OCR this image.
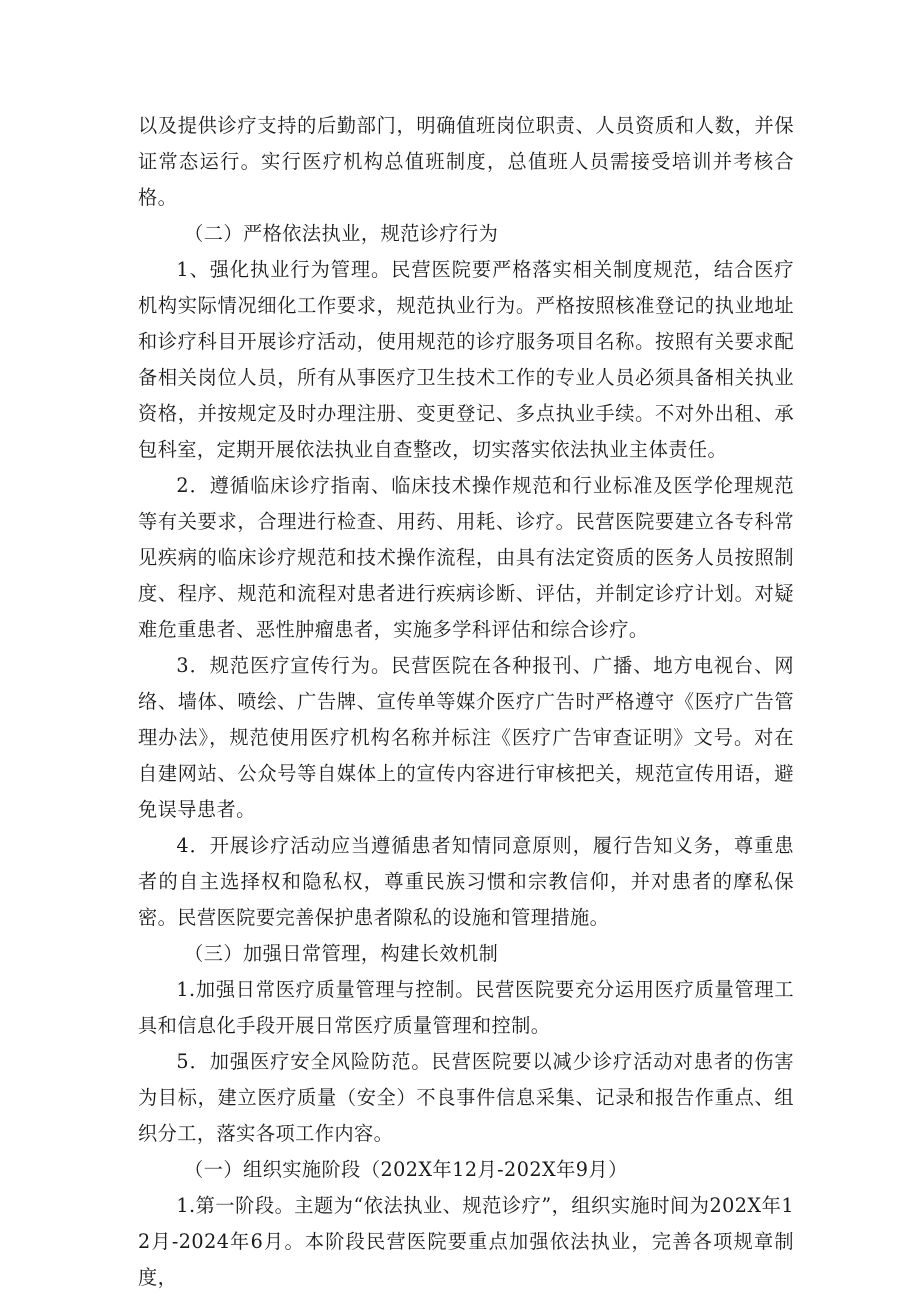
以及提供诊疗支持的后勤部门，明确值班岗位职责、人员资质和人数，并保证常态运行。实行医疗机构总值班制度，总值班人员需接受培训并考核合格。

（二）严格依法执业，规范诊疗行为

1、强化执业行为管理。民营医院要严格落实相关制度规范，结合医疗机构实际情况细化工作要求，规范执业行为。严格按照核准登记的执业地址和诊疗科目开展诊疗活动，使用规范的诊疗服务项目名称。按照有关要求配备相关岗位人员，所有从事医疗卫生技术工作的专业人员必须具备相关执业资格，并按规定及时办理注册、变更登记、多点执业手续。不对外出租、承包科室，定期开展依法执业自查整改，切实落实依法执业主体责任。

2．遵循临床诊疗指南、临床技术操作规范和行业标准及医学伦理规范等有关要求，合理进行检查、用药、用耗、诊疗。民营医院要建立各专科常见疾病的临床诊疗规范和技术操作流程，由具有法定资质的医务人员按照制度、程序、规范和流程对患者进行疾病诊断、评估，并制定诊疗计划。对疑难危重患者、恶性肿瘤患者，实施多学科评估和综合诊疗。

3．规范医疗宣传行为。民营医院在各种报刊、广播、地方电视台、网络、墙体、喷绘、广告牌、宣传单等媒介医疗广告时严格遵守《医疗广告管理办法》，规范使用医疗机构名称并标注《医疗广告审查证明》文号。对在自建网站、公众号等自媒体上的宣传内容进行审核把关，规范宣传用语，避免误导患者。

4．开展诊疗活动应当遵循患者知情同意原则，履行告知义务，尊重患者的自主选择权和隐私权，尊重民族习惯和宗教信仰，并对患者的摩私保密。民营医院要完善保护患者隙私的设施和管理措施。

（三）加强日常管理，构建长效机制

1.加强日常医疗质量管理与控制。民营医院要充分运用医疗质量管理工具和信息化手段开展日常医疗质量管理和控制。

5．加强医疗安全风险防范。民营医院要以减少诊疗活动对患者的伤害为目标，建立医疗质量（安全）不良事件信息采集、记录和报告作重点、组织分工，落实各项工作内容。

（一）组织实施阶段（202X年12月-202X年9月）

1.第一阶段。主题为“依法执业、规范诊疗”，组织实施时间为202X年12月-2024年6月。本阶段民营医院要重点加强依法执业，完善各项规章制度，
